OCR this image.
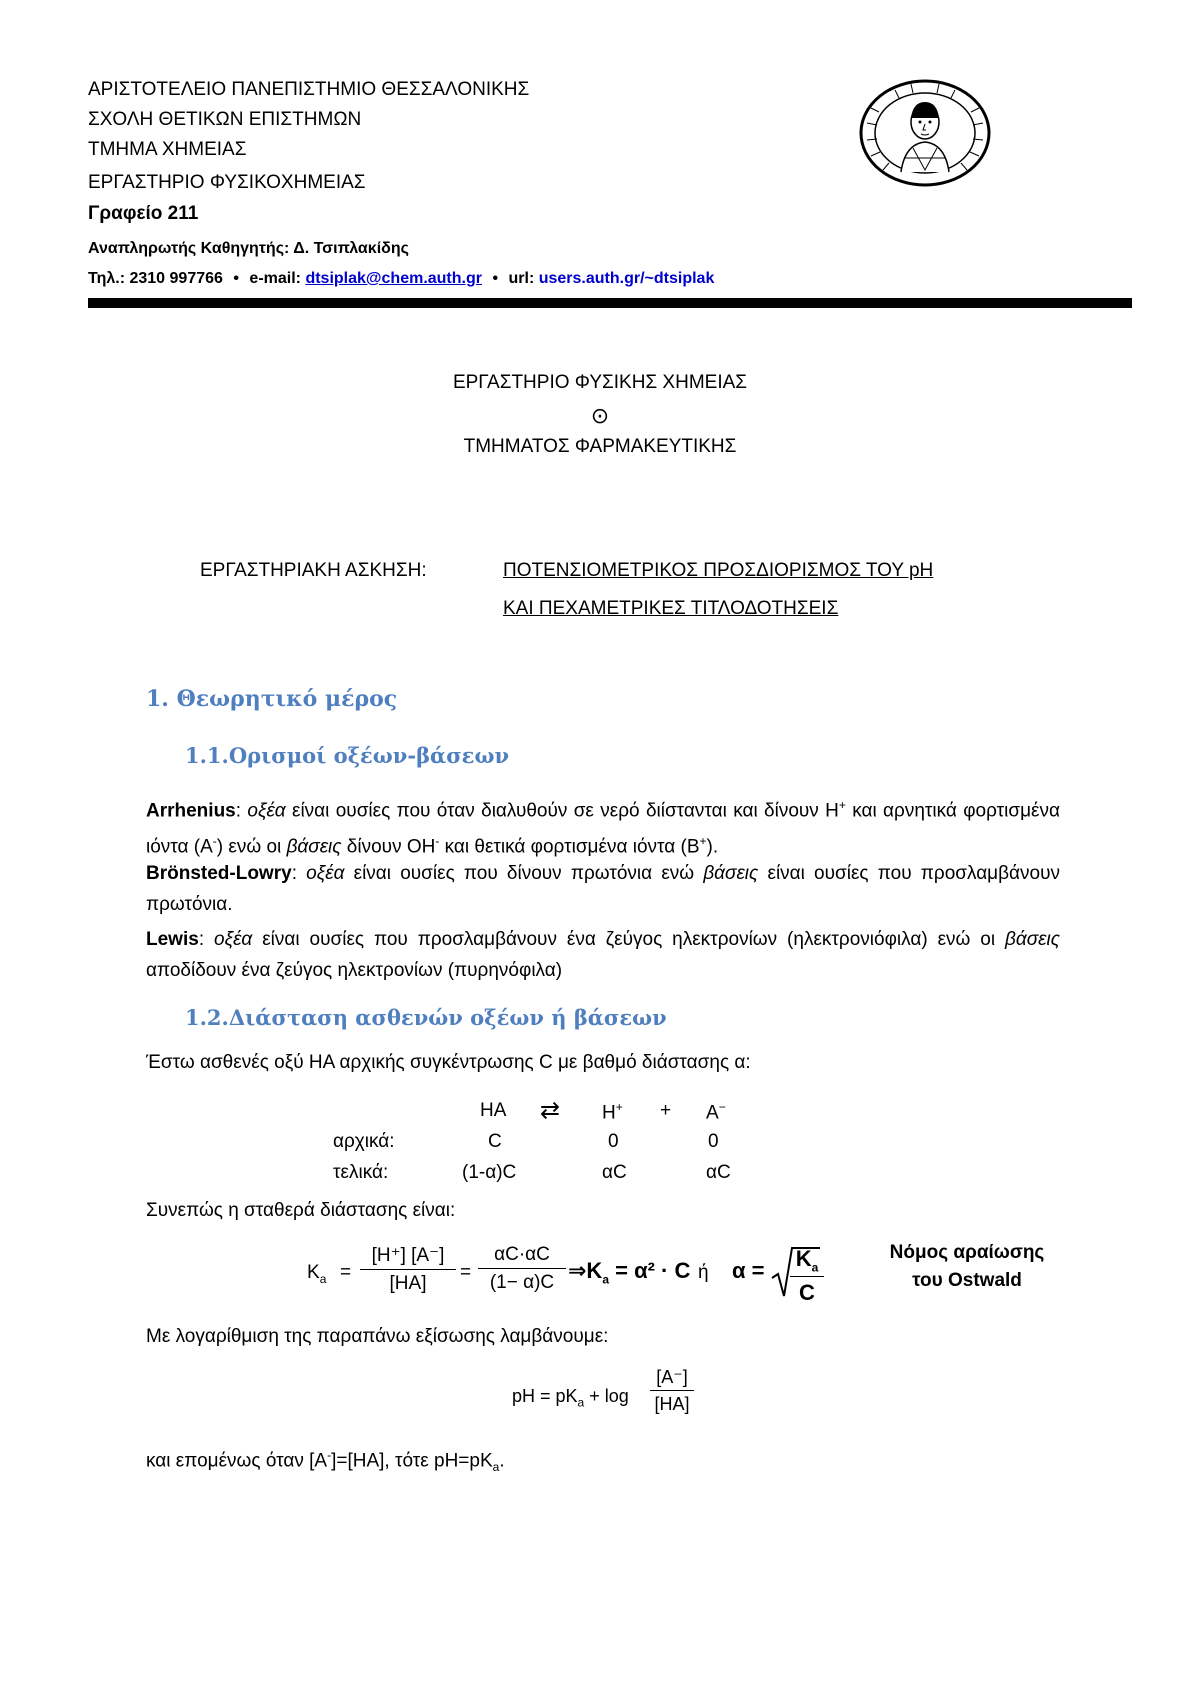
ΑΡΙΣΤΟΤΕΛΕΙΟ ΠΑΝΕΠΙΣΤΗΜΙΟ ΘΕΣΣΑΛΟΝΙΚΗΣ
ΣΧΟΛΗ ΘΕΤΙΚΩΝ ΕΠΙΣΤΗΜΩΝ
ΤΜΗΜΑ ΧΗΜΕΙΑΣ
ΕΡΓΑΣΤΗΡΙΟ ΦΥΣΙΚΟΧΗΜΕΙΑΣ
Γραφείο 211
Αναπληρωτής Καθηγητής: Δ. Τσιπλακίδης
Τηλ.: 2310 997766 • e-mail: dtsiplak@chem.auth.gr • url: users.auth.gr/~dtsiplak
ΕΡΓΑΣΤΗΡΙΟ ΦΥΣΙΚΗΣ ΧΗΜΕΙΑΣ
⊙
ΤΜΗΜΑΤΟΣ ΦΑΡΜΑΚΕΥΤΙΚΗΣ
ΕΡΓΑΣΤΗΡΙΑΚΗ ΑΣΚΗΣΗ:	ΠΟΤΕΝΣΙΟΜΕΤΡΙΚΟΣ ΠΡΟΣΔΙΟΡΙΣΜΟΣ ΤΟΥ pH
ΚΑΙ ΠΕΧΑΜΕΤΡΙΚΕΣ ΤΙΤΛΟΔΟΤΗΣΕΙΣ
1. Θεωρητικό μέρος
1.1.Ορισμοί οξέων-βάσεων
Arrhenius: οξέα είναι ουσίες που όταν διαλυθούν σε νερό διίστανται και δίνουν H+ και αρνητικά φορτισμένα ιόντα (A-) ενώ οι βάσεις δίνουν OH- και θετικά φορτισμένα ιόντα (B+).
Brönsted-Lowry: οξέα είναι ουσίες που δίνουν πρωτόνια ενώ βάσεις είναι ουσίες που προσλαμβάνουν πρωτόνια.
Lewis: οξέα είναι ουσίες που προσλαμβάνουν ένα ζεύγος ηλεκτρονίων (ηλεκτρονιόφιλα) ενώ οι βάσεις αποδίδουν ένα ζεύγος ηλεκτρονίων (πυρηνόφιλα)
1.2.Διάσταση ασθενών οξέων ή βάσεων
Έστω ασθενές οξύ HA αρχικής συγκέντρωσης C με βαθμό διάστασης α:
HA ⇄ H+ + A−
αρχικά:	C	0	0
τελικά:	(1-α)C	αC	αC
Συνεπώς η σταθερά διάστασης είναι:
$K_a = \frac{[H^+] [A^-]}{[HA]} = \frac{\alpha C\cdot\alpha C}{(1- \alpha)C}$ $\Rightarrow K_a = \alpha^2 \cdot C$ ή $\alpha = \frac{K_a}{C}$	Νόμος αραίωσης
του Ostwald
Με λογαρίθμιση της παραπάνω εξίσωσης λαμβάνουμε:
pH = $pK_a + \log \frac{[A^-]}{[HA]}$
και επομένως όταν [A-]=[HA], τότε $pH=pK_a$.
